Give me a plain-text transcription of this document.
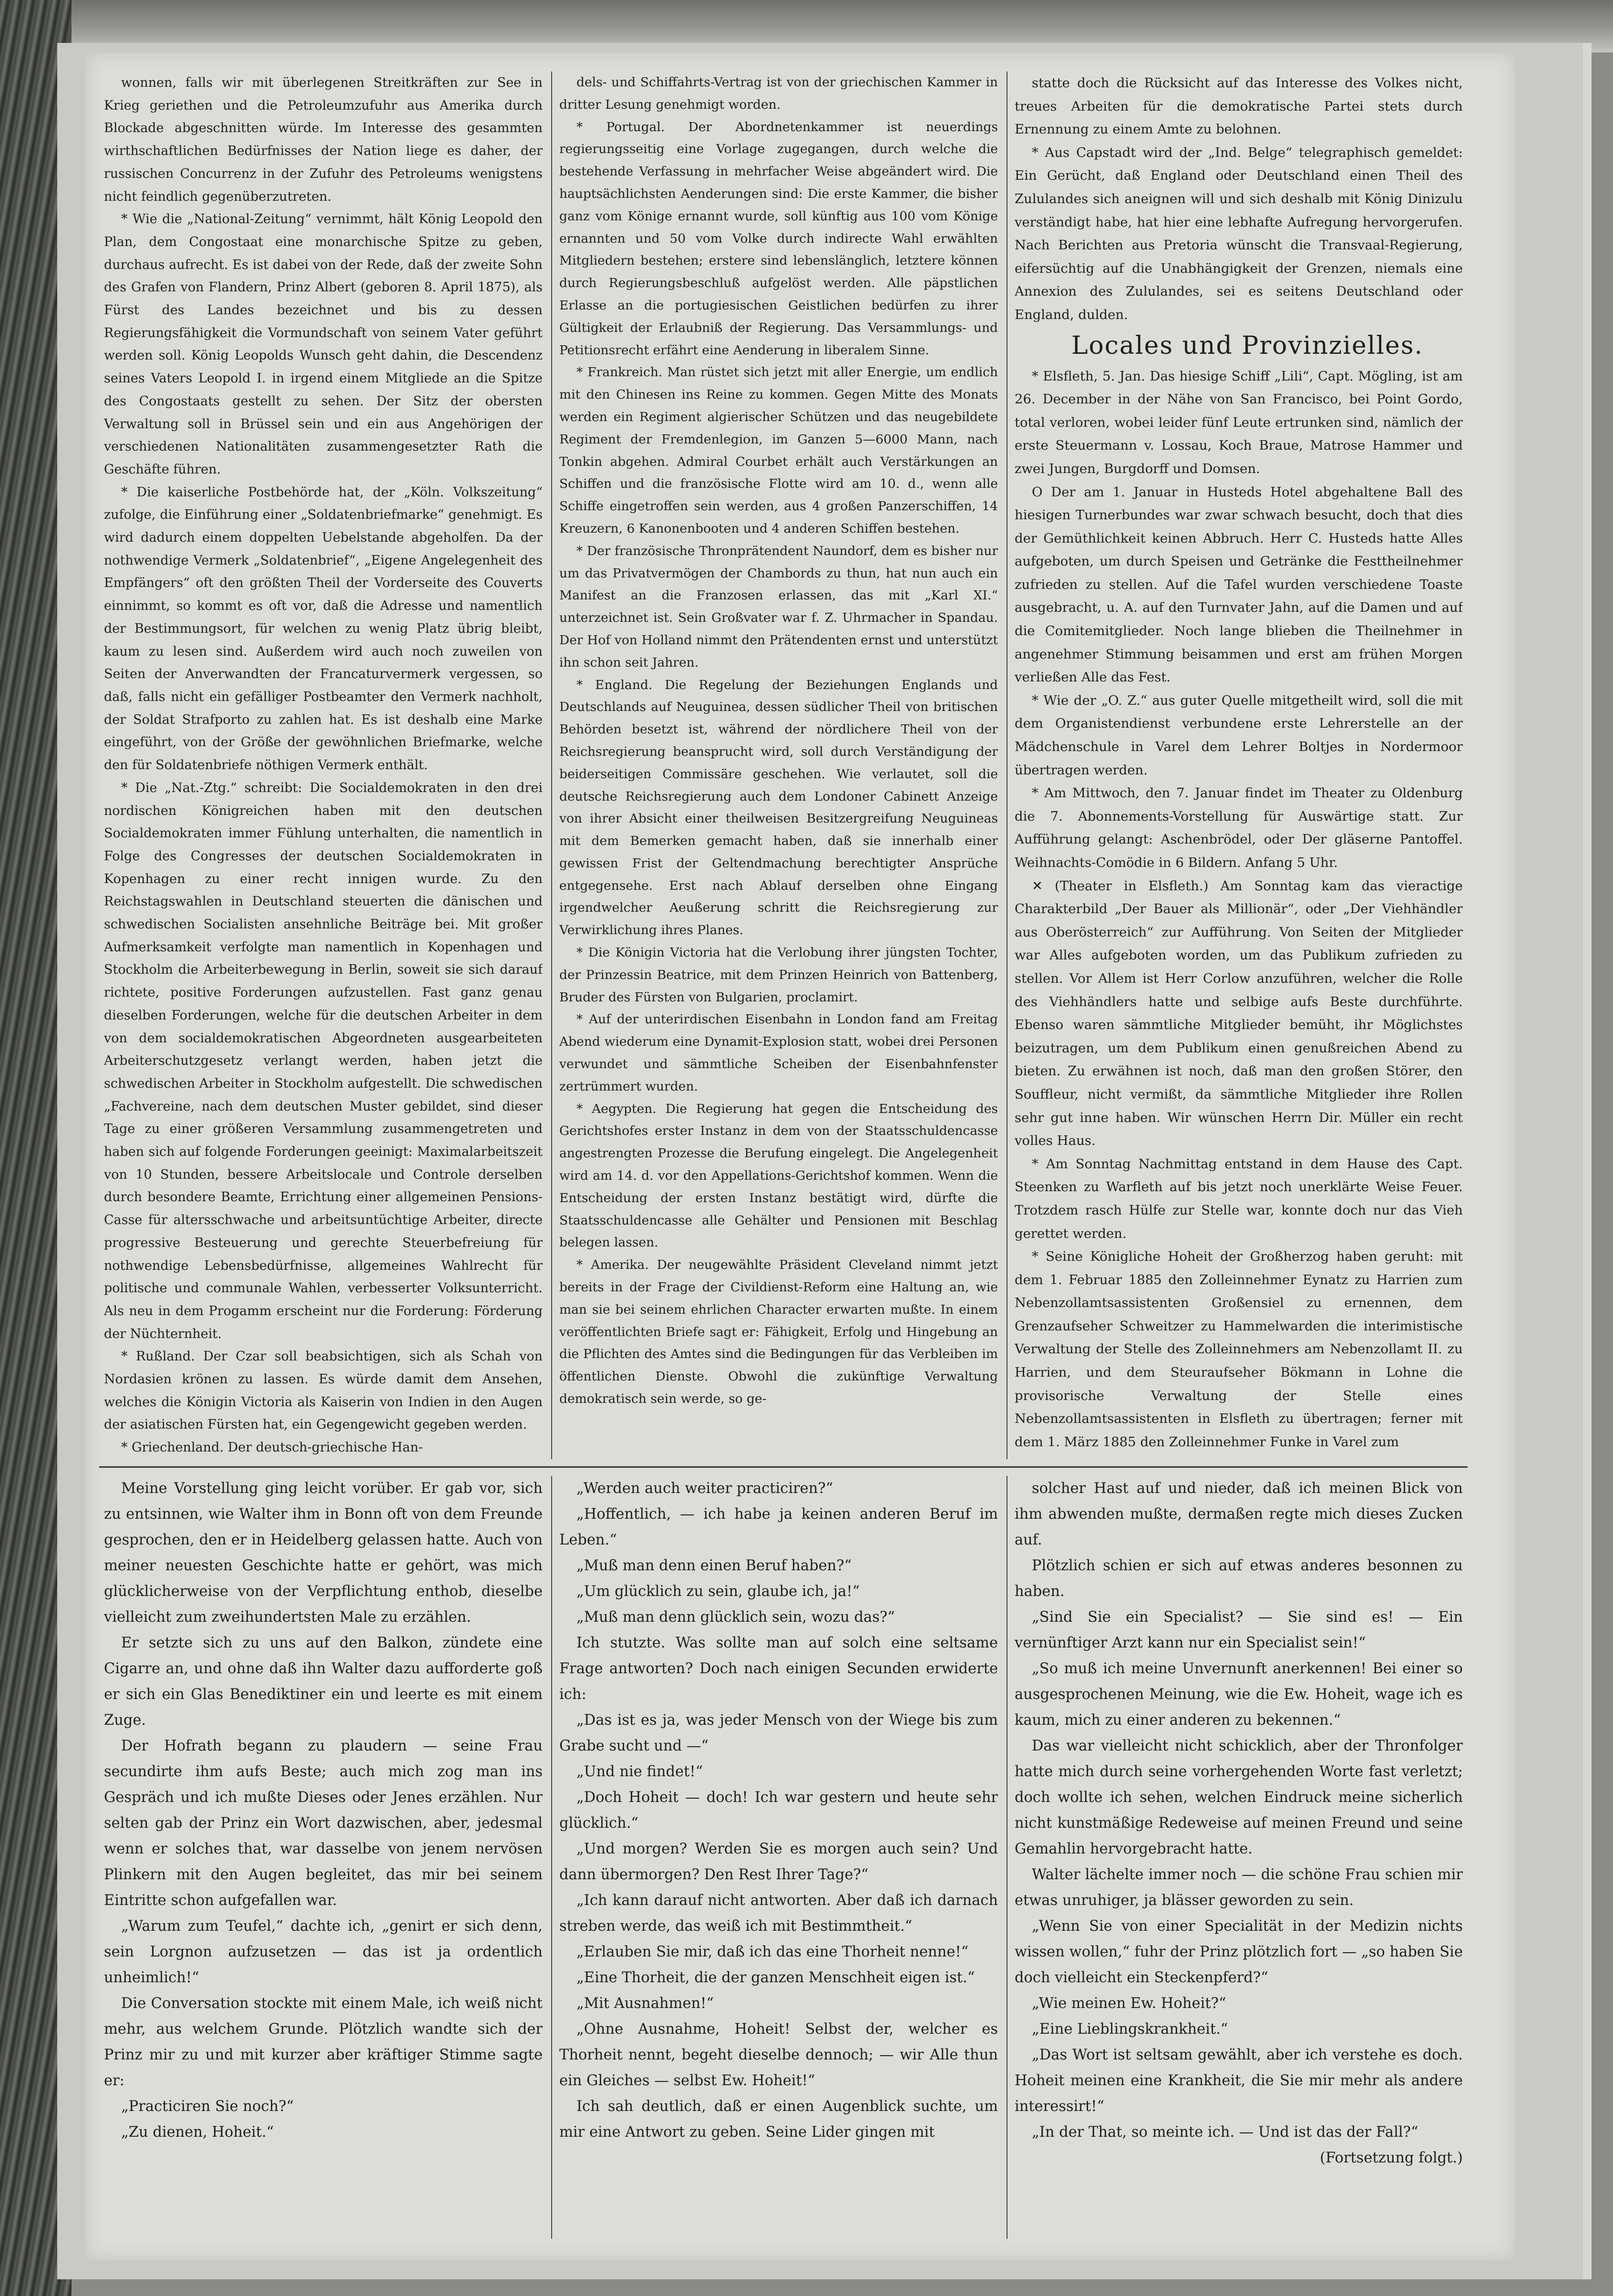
wonnen, falls wir mit überlegenen Streitkräften zur See in Krieg geriethen und die Petroleumzufuhr aus Amerika durch Blockade abgeschnitten würde. Im Interesse des gesammten wirthschaftlichen Bedürfnisses der Nation liege es daher, der russischen Concurrenz in der Zufuhr des Petroleums wenigstens nicht feindlich gegenüberzutreten.

* Wie die „National-Zeitung“ vernimmt, hält König Leopold den Plan, dem Congostaat eine monarchische Spitze zu geben, durchaus aufrecht. Es ist dabei von der Rede, daß der zweite Sohn des Grafen von Flandern, Prinz Albert (geboren 8. April 1875), als Fürst des Landes bezeichnet und bis zu dessen Regierungsfähigkeit die Vormundschaft von seinem Vater geführt werden soll. König Leopolds Wunsch geht dahin, die Descendenz seines Vaters Leopold I. in irgend einem Mitgliede an die Spitze des Congostaats gestellt zu sehen. Der Sitz der obersten Verwaltung soll in Brüssel sein und ein aus Angehörigen der verschiedenen Nationalitäten zusammengesetzter Rath die Geschäfte führen.

* Die kaiserliche Postbehörde hat, der „Köln. Volkszeitung“ zufolge, die Einführung einer „Soldatenbriefmarke“ genehmigt. Es wird dadurch einem doppelten Uebelstande abgeholfen. Da der nothwendige Vermerk „Soldatenbrief“, „Eigene Angelegenheit des Empfängers“ oft den größten Theil der Vorderseite des Couverts einnimmt, so kommt es oft vor, daß die Adresse und namentlich der Bestimmungsort, für welchen zu wenig Platz übrig bleibt, kaum zu lesen sind. Außerdem wird auch noch zuweilen von Seiten der Anverwandten der Francaturvermerk vergessen, so daß, falls nicht ein gefälliger Postbeamter den Vermerk nachholt, der Soldat Strafporto zu zahlen hat. Es ist deshalb eine Marke eingeführt, von der Größe der gewöhnlichen Briefmarke, welche den für Soldatenbriefe nöthigen Vermerk enthält.

* Die „Nat.-Ztg.“ schreibt: Die Socialdemokraten in den drei nordischen Königreichen haben mit den deutschen Socialdemokraten immer Fühlung unterhalten, die namentlich in Folge des Congresses der deutschen Socialdemokraten in Kopenhagen zu einer recht innigen wurde. Zu den Reichstagswahlen in Deutschland steuerten die dänischen und schwedischen Socialisten ansehnliche Beiträge bei. Mit großer Aufmerksamkeit verfolgte man namentlich in Kopenhagen und Stockholm die Arbeiterbewegung in Berlin, soweit sie sich darauf richtete, positive Forderungen aufzustellen. Fast ganz genau dieselben Forderungen, welche für die deutschen Arbeiter in dem von dem socialdemokratischen Abgeordneten ausgearbeiteten Arbeiterschutzgesetz verlangt werden, haben jetzt die schwedischen Arbeiter in Stockholm aufgestellt. Die schwedischen „Fachvereine, nach dem deutschen Muster gebildet, sind dieser Tage zu einer größeren Versammlung zusammengetreten und haben sich auf folgende Forderungen geeinigt: Maximalarbeitszeit von 10 Stunden, bessere Arbeitslocale und Controle derselben durch besondere Beamte, Errichtung einer allgemeinen Pensions-Casse für altersschwache und arbeitsuntüchtige Arbeiter, directe progressive Besteuerung und gerechte Steuerbefreiung für nothwendige Lebensbedürfnisse, allgemeines Wahlrecht für politische und communale Wahlen, verbesserter Volksunterricht. Als neu in dem Progamm erscheint nur die Forderung: Förderung der Nüchternheit.

* Rußland. Der Czar soll beabsichtigen, sich als Schah von Nordasien krönen zu lassen. Es würde damit dem Ansehen, welches die Königin Victoria als Kaiserin von Indien in den Augen der asiatischen Fürsten hat, ein Gegengewicht gegeben werden.

* Griechenland. Der deutsch-griechische Han-

dels- und Schiffahrts-Vertrag ist von der griechischen Kammer in dritter Lesung genehmigt worden.

* Portugal. Der Abordnetenkammer ist neuerdings regierungsseitig eine Vorlage zugegangen, durch welche die bestehende Verfassung in mehrfacher Weise abgeändert wird. Die hauptsächlichsten Aenderungen sind: Die erste Kammer, die bisher ganz vom Könige ernannt wurde, soll künftig aus 100 vom Könige ernannten und 50 vom Volke durch indirecte Wahl erwählten Mitgliedern bestehen; erstere sind lebenslänglich, letztere können durch Regierungsbeschluß aufgelöst werden. Alle päpstlichen Erlasse an die portugiesischen Geistlichen bedürfen zu ihrer Gültigkeit der Erlaubniß der Regierung. Das Versammlungs- und Petitionsrecht erfährt eine Aenderung in liberalem Sinne.

* Frankreich. Man rüstet sich jetzt mit aller Energie, um endlich mit den Chinesen ins Reine zu kommen. Gegen Mitte des Monats werden ein Regiment algierischer Schützen und das neugebildete Regiment der Fremdenlegion, im Ganzen 5—6000 Mann, nach Tonkin abgehen. Admiral Courbet erhält auch Verstärkungen an Schiffen und die französische Flotte wird am 10. d., wenn alle Schiffe eingetroffen sein werden, aus 4 großen Panzerschiffen, 14 Kreuzern, 6 Kanonenbooten und 4 anderen Schiffen bestehen.

* Der französische Thronprätendent Naundorf, dem es bisher nur um das Privatvermögen der Chambords zu thun, hat nun auch ein Manifest an die Franzosen erlassen, das mit „Karl XI.“ unterzeichnet ist. Sein Großvater war f. Z. Uhrmacher in Spandau. Der Hof von Holland nimmt den Prätendenten ernst und unterstützt ihn schon seit Jahren.

* England. Die Regelung der Beziehungen Englands und Deutschlands auf Neuguinea, dessen südlicher Theil von britischen Behörden besetzt ist, während der nördlichere Theil von der Reichsregierung beansprucht wird, soll durch Verständigung der beiderseitigen Commissäre geschehen. Wie verlautet, soll die deutsche Reichsregierung auch dem Londoner Cabinett Anzeige von ihrer Absicht einer theilweisen Besitzergreifung Neuguineas mit dem Bemerken gemacht haben, daß sie innerhalb einer gewissen Frist der Geltendmachung berechtigter Ansprüche entgegensehe. Erst nach Ablauf derselben ohne Eingang irgendwelcher Aeußerung schritt die Reichsregierung zur Verwirklichung ihres Planes.

* Die Königin Victoria hat die Verlobung ihrer jüngsten Tochter, der Prinzessin Beatrice, mit dem Prinzen Heinrich von Battenberg, Bruder des Fürsten von Bulgarien, proclamirt.

* Auf der unterirdischen Eisenbahn in London fand am Freitag Abend wiederum eine Dynamit-Explosion statt, wobei drei Personen verwundet und sämmtliche Scheiben der Eisenbahnfenster zertrümmert wurden.

* Aegypten. Die Regierung hat gegen die Entscheidung des Gerichtshofes erster Instanz in dem von der Staatsschuldencasse angestrengten Prozesse die Berufung eingelegt. Die Angelegenheit wird am 14. d. vor den Appellations-Gerichtshof kommen. Wenn die Entscheidung der ersten Instanz bestätigt wird, dürfte die Staatsschuldencasse alle Gehälter und Pensionen mit Beschlag belegen lassen.

* Amerika. Der neugewählte Präsident Cleveland nimmt jetzt bereits in der Frage der Civildienst-Reform eine Haltung an, wie man sie bei seinem ehrlichen Character erwarten mußte. In einem veröffentlichten Briefe sagt er: Fähigkeit, Erfolg und Hingebung an die Pflichten des Amtes sind die Bedingungen für das Verbleiben im öffentlichen Dienste. Obwohl die zukünftige Verwaltung demokratisch sein werde, so ge-

statte doch die Rücksicht auf das Interesse des Volkes nicht, treues Arbeiten für die demokratische Partei stets durch Ernennung zu einem Amte zu belohnen.

* Aus Capstadt wird der „Ind. Belge“ telegraphisch gemeldet: Ein Gerücht, daß England oder Deutschland einen Theil des Zululandes sich aneignen will und sich deshalb mit König Dinizulu verständigt habe, hat hier eine lebhafte Aufregung hervorgerufen. Nach Berichten aus Pretoria wünscht die Transvaal-Regierung, eifersüchtig auf die Unabhängigkeit der Grenzen, niemals eine Annexion des Zululandes, sei es seitens Deutschland oder England, dulden.

Locales und Provinzielles.

* Elsfleth, 5. Jan. Das hiesige Schiff „Lili“, Capt. Mögling, ist am 26. December in der Nähe von San Francisco, bei Point Gordo, total verloren, wobei leider fünf Leute ertrunken sind, nämlich der erste Steuermann v. Lossau, Koch Braue, Matrose Hammer und zwei Jungen, Burgdorff und Domsen.

O Der am 1. Januar in Husteds Hotel abgehaltene Ball des hiesigen Turnerbundes war zwar schwach besucht, doch that dies der Gemüthlichkeit keinen Abbruch. Herr C. Husteds hatte Alles aufgeboten, um durch Speisen und Getränke die Festtheilnehmer zufrieden zu stellen. Auf die Tafel wurden verschiedene Toaste ausgebracht, u. A. auf den Turnvater Jahn, auf die Damen und auf die Comitemitglieder. Noch lange blieben die Theilnehmer in angenehmer Stimmung beisammen und erst am frühen Morgen verließen Alle das Fest.

* Wie der „O. Z.“ aus guter Quelle mitgetheilt wird, soll die mit dem Organistendienst verbundene erste Lehrerstelle an der Mädchenschule in Varel dem Lehrer Boltjes in Nordermoor übertragen werden.

* Am Mittwoch, den 7. Januar findet im Theater zu Oldenburg die 7. Abonnements-Vorstellung für Auswärtige statt. Zur Aufführung gelangt: Aschenbrödel, oder Der gläserne Pantoffel. Weihnachts-Comödie in 6 Bildern. Anfang 5 Uhr.

✕ (Theater in Elsfleth.) Am Sonntag kam das vieractige Charakterbild „Der Bauer als Millionär“, oder „Der Viehhändler aus Oberösterreich“ zur Aufführung. Von Seiten der Mitglieder war Alles aufgeboten worden, um das Publikum zufrieden zu stellen. Vor Allem ist Herr Corlow anzuführen, welcher die Rolle des Viehhändlers hatte und selbige aufs Beste durchführte. Ebenso waren sämmtliche Mitglieder bemüht, ihr Möglichstes beizutragen, um dem Publikum einen genußreichen Abend zu bieten. Zu erwähnen ist noch, daß man den großen Störer, den Souffleur, nicht vermißt, da sämmtliche Mitglieder ihre Rollen sehr gut inne haben. Wir wünschen Herrn Dir. Müller ein recht volles Haus.

* Am Sonntag Nachmittag entstand in dem Hause des Capt. Steenken zu Warfleth auf bis jetzt noch unerklärte Weise Feuer. Trotzdem rasch Hülfe zur Stelle war, konnte doch nur das Vieh gerettet werden.

* Seine Königliche Hoheit der Großherzog haben geruht: mit dem 1. Februar 1885 den Zolleinnehmer Eynatz zu Harrien zum Nebenzollamtsassistenten Großensiel zu ernennen, dem Grenzaufseher Schweitzer zu Hammelwarden die interimistische Verwaltung der Stelle des Zolleinnehmers am Nebenzollamt II. zu Harrien, und dem Steuraufseher Bökmann in Lohne die provisorische Verwaltung der Stelle eines Nebenzollamtsassistenten in Elsfleth zu übertragen; ferner mit dem 1. März 1885 den Zolleinnehmer Funke in Varel zum

Meine Vorstellung ging leicht vorüber. Er gab vor, sich zu entsinnen, wie Walter ihm in Bonn oft von dem Freunde gesprochen, den er in Heidelberg gelassen hatte. Auch von meiner neuesten Geschichte hatte er gehört, was mich glücklicherweise von der Verpflichtung enthob, dieselbe vielleicht zum zweihundertsten Male zu erzählen.

Er setzte sich zu uns auf den Balkon, zündete eine Cigarre an, und ohne daß ihn Walter dazu aufforderte goß er sich ein Glas Benediktiner ein und leerte es mit einem Zuge.

Der Hofrath begann zu plaudern — seine Frau secundirte ihm aufs Beste; auch mich zog man ins Gespräch und ich mußte Dieses oder Jenes erzählen. Nur selten gab der Prinz ein Wort dazwischen, aber, jedesmal wenn er solches that, war dasselbe von jenem nervösen Plinkern mit den Augen begleitet, das mir bei seinem Eintritte schon aufgefallen war.

„Warum zum Teufel,“ dachte ich, „genirt er sich denn, sein Lorgnon aufzusetzen — das ist ja ordentlich unheimlich!“

Die Conversation stockte mit einem Male, ich weiß nicht mehr, aus welchem Grunde. Plötzlich wandte sich der Prinz mir zu und mit kurzer aber kräftiger Stimme sagte er:

„Practiciren Sie noch?“

„Zu dienen, Hoheit.“

„Werden auch weiter practiciren?“

„Hoffentlich, — ich habe ja keinen anderen Beruf im Leben.“

„Muß man denn einen Beruf haben?“

„Um glücklich zu sein, glaube ich, ja!“

„Muß man denn glücklich sein, wozu das?“

Ich stutzte. Was sollte man auf solch eine seltsame Frage antworten? Doch nach einigen Secunden erwiderte ich:

„Das ist es ja, was jeder Mensch von der Wiege bis zum Grabe sucht und —“

„Und nie findet!“

„Doch Hoheit — doch! Ich war gestern und heute sehr glücklich.“

„Und morgen? Werden Sie es morgen auch sein? Und dann übermorgen? Den Rest Ihrer Tage?“

„Ich kann darauf nicht antworten. Aber daß ich darnach streben werde, das weiß ich mit Bestimmtheit.“

„Erlauben Sie mir, daß ich das eine Thorheit nenne!“

„Eine Thorheit, die der ganzen Menschheit eigen ist.“

„Mit Ausnahmen!“

„Ohne Ausnahme, Hoheit! Selbst der, welcher es Thorheit nennt, begeht dieselbe dennoch; — wir Alle thun ein Gleiches — selbst Ew. Hoheit!“

Ich sah deutlich, daß er einen Augenblick suchte, um mir eine Antwort zu geben. Seine Lider gingen mit

solcher Hast auf und nieder, daß ich meinen Blick von ihm abwenden mußte, dermaßen regte mich dieses Zucken auf.

Plötzlich schien er sich auf etwas anderes besonnen zu haben.

„Sind Sie ein Specialist? — Sie sind es! — Ein vernünftiger Arzt kann nur ein Specialist sein!“

„So muß ich meine Unvernunft anerkennen! Bei einer so ausgesprochenen Meinung, wie die Ew. Hoheit, wage ich es kaum, mich zu einer anderen zu bekennen.“

Das war vielleicht nicht schicklich, aber der Thronfolger hatte mich durch seine vorhergehenden Worte fast verletzt; doch wollte ich sehen, welchen Eindruck meine sicherlich nicht kunstmäßige Redeweise auf meinen Freund und seine Gemahlin hervorgebracht hatte.

Walter lächelte immer noch — die schöne Frau schien mir etwas unruhiger, ja blässer geworden zu sein.

„Wenn Sie von einer Specialität in der Medizin nichts wissen wollen,“ fuhr der Prinz plötzlich fort — „so haben Sie doch vielleicht ein Steckenpferd?“

„Wie meinen Ew. Hoheit?“

„Eine Lieblingskrankheit.“

„Das Wort ist seltsam gewählt, aber ich verstehe es doch. Hoheit meinen eine Krankheit, die Sie mir mehr als andere interessirt!“

„In der That, so meinte ich. — Und ist das der Fall?“

(Fortsetzung folgt.)
